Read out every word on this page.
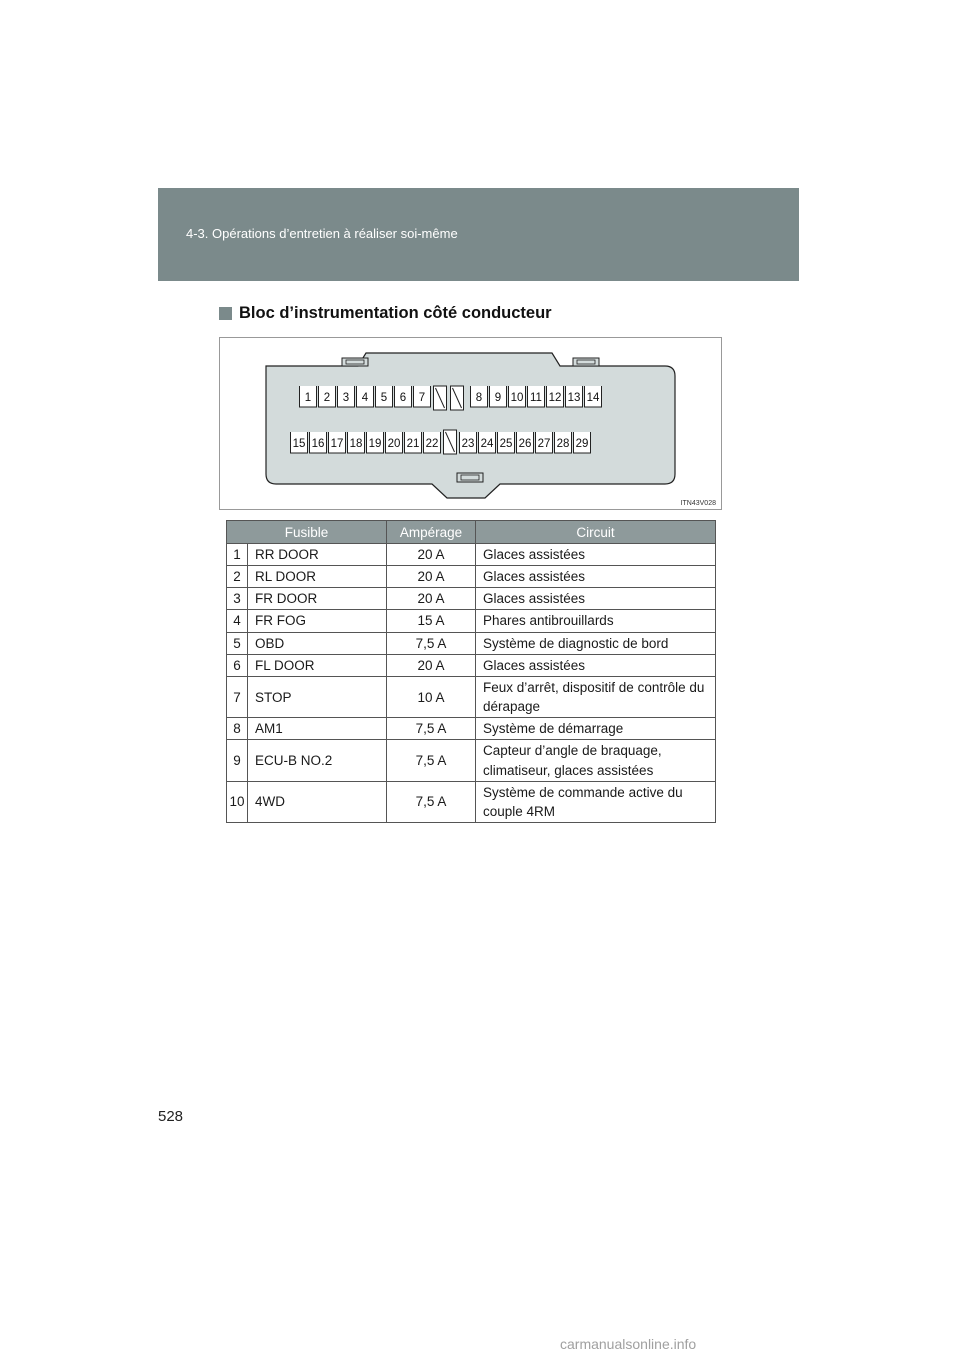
4-3. Opérations d’entretien à réaliser soi-même
Bloc d’instrumentation côté conducteur
1 2 3 4 5 6 7	8 9 10 11 12 13 14
15 16 17 18 19 20 21 22 23 24 25 26 27 28 29
ITN43V028
Fusible		Ampérage	Circuit
1	RR DOOR	20 A	Glaces assistées
2	RL DOOR	20 A	Glaces assistées
3	FR DOOR	20 A	Glaces assistées
4	FR FOG	15 A	Phares antibrouillards
5	OBD	7,5 A	Système de diagnostic de bord
6	FL DOOR	20 A	Glaces assistées
7	STOP	10 A	Feux d’arrêt, dispositif de contrôle du dérapage
8	AM1	7,5 A	Système de démarrage
9	ECU-B NO.2	7,5 A	Capteur d’angle de braquage, climatiseur, glaces assistées
10	4WD	7,5 A	Système de commande active du couple 4RM
528
carmanualsonline.info
